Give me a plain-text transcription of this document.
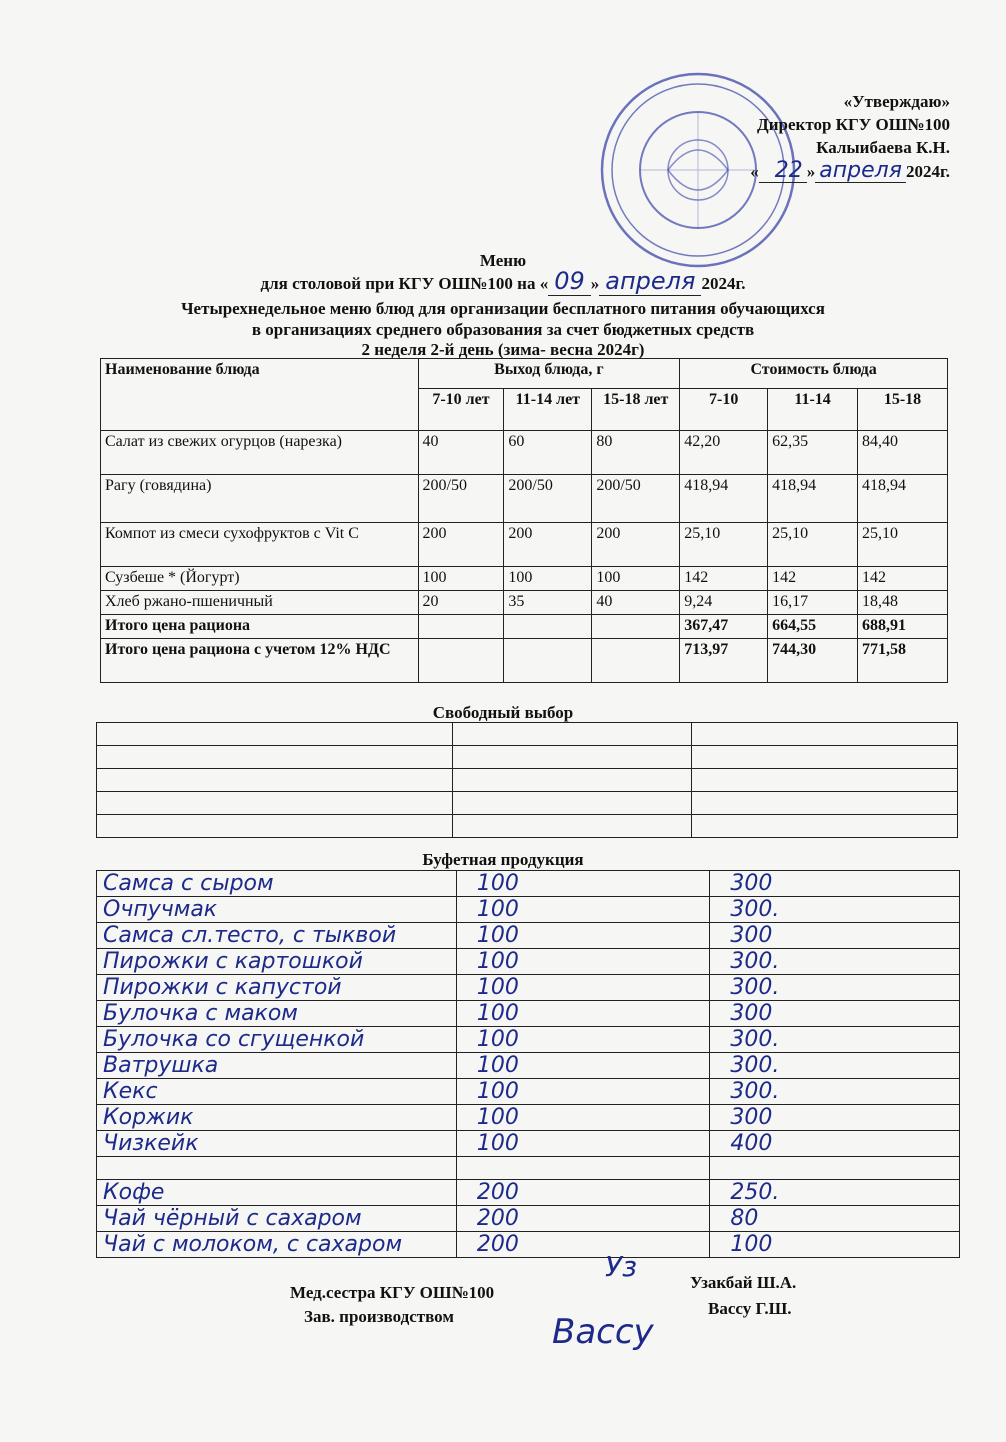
«Утверждаю»
Директор КГУ ОШ№100
Калыибаева К.Н.
« 22 » апреля 2024г.
Меню
для столовой при КГУ ОШ№100 на « 09 » апреля 2024г.
Четырехнедельное меню блюд для организации бесплатного питания обучающихся
в организациях среднего образования за счет бюджетных средств
2 неделя 2-й день (зима- весна 2024г)
Наименование блюда	Выход блюда, г			Стоимость блюда		
	7-10 лет	11-14 лет	15-18 лет	7-10	11-14	15-18
Салат из свежих огурцов (нарезка)	40	60	80	42,20	62,35	84,40
Рагу (говядина)	200/50	200/50	200/50	418,94	418,94	418,94
Компот из смеси сухофруктов с Vit C	200	200	200	25,10	25,10	25,10
Сузбеше * (Йогурт)	100	100	100	142	142	142
Хлеб ржано-пшеничный	20	35	40	9,24	16,17	18,48
Итого цена рациона				367,47	664,55	688,91
Итого цена рациона с учетом 12% НДС				713,97	744,30	771,58
Свободный выбор

Буфетная продукция
Самса с сыром	100	300
Очпучмак	100	300.
Самса сл.тесто, с тыквой	100	300
Пирожки с картошкой	100	300.
Пирожки с капустой	100	300.
Булочка с маком	100	300
Булочка со сгущенкой	100	300.
Ватрушка	100	300.
Кекс	100	300.
Коржик	100	300
Чизкейк	100	400

Кофе	200	250.
Чай чёрный с сахаром	200	80
Чай с молоком, с сахаром	200	100
Мед.сестра КГУ ОШ№100
Узакбай Ш.А.
Зав. производством	Вассу Г.Ш.
Уз
Вассу
